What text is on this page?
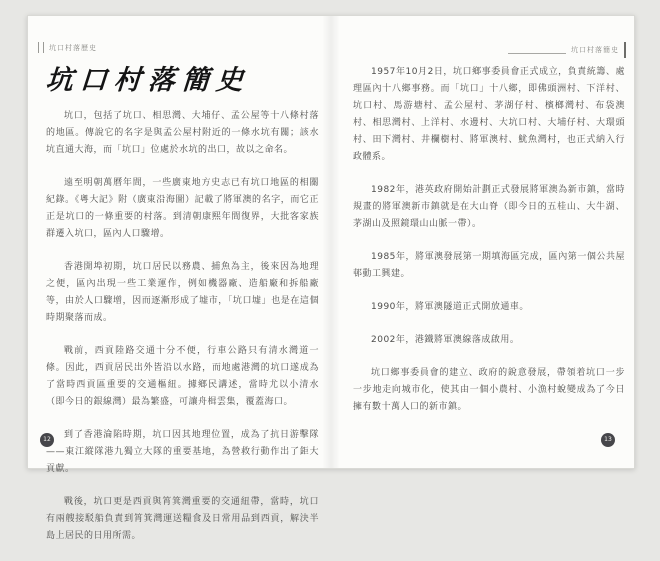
坑口村落歷史
坑口村落簡史

坑口，包括了坑口、相思灣、大埔仔、孟公屋等十八條村落的地區。傳說它的名字是與孟公屋村附近的一條水坑有關；該水坑直通大海，而「坑口」位處於水坑的出口，故以之命名。

遠至明朝萬曆年間，一些廣東地方史志已有坑口地區的相關紀錄。《粵大記》附（廣東沿海圖）記載了將軍澳的名字，而它正正是坑口的一條重要的村落。到清朝康熙年間復界，大批客家族群遷入坑口，區內人口驟增。

香港開埠初期，坑口居民以務農、捕魚為主，後來因為地理之便，區內出現一些工業運作，例如機器廠、造船廠和拆船廠等，由於人口驟增，因而逐漸形成了墟市，「坑口墟」也是在這個時期聚落而成。

戰前，西貢陸路交通十分不便，行車公路只有清水灣道一條。因此，西貢居民出外皆沿以水路，而地處港灣的坑口遂成為了當時西貢區重要的交通樞紐。據鄉民講述，當時尤以小清水（即今日的銀線灣）最為繁盛，可讓舟楫雲集，覆蓋海口。

到了香港淪陷時期，坑口因其地理位置，成為了抗日游擊隊——東江縱隊港九獨立大隊的重要基地，為營救行動作出了鉅大貢獻。

戰後，坑口更是西貢與筲箕灣重要的交通紐帶，當時，坑口有兩艘接駁船負責到筲箕灣運送糧食及日常用品到西貢，解決半島上居民的日用所需。

12
坑口村落簡史

1957年10月2日，坑口鄉事委員會正式成立，負責統籌、處理區內十八鄉事務。而「坑口」十八鄉，即佛頭洲村、下洋村、坑口村、馬游塘村、孟公屋村、茅湖仔村、檳榔灣村、布袋澳村、相思灣村、上洋村、水邊村、大坑口村、大埔仔村、大環頭村、田下灣村、井欄樹村、將軍澳村、魷魚灣村，也正式納入行政體系。

1982年，港英政府開始計劃正式發展將軍澳為新市鎮，當時規畫的將軍澳新市鎮就是在大山脊（即今日的五桂山、大牛湖、茅湖山及照鏡環山山脈一帶）。

1985年，將軍澳發展第一期填海區完成，區內第一個公共屋邨動工興建。

1990年，將軍澳隧道正式開放通車。

2002年，港鐵將軍澳線落成啟用。

坑口鄉事委員會的建立、政府的銳意發展，帶領着坑口一步一步地走向城市化，使其由一個小農村、小漁村蛻變成為了今日擁有數十萬人口的新市鎮。

13
